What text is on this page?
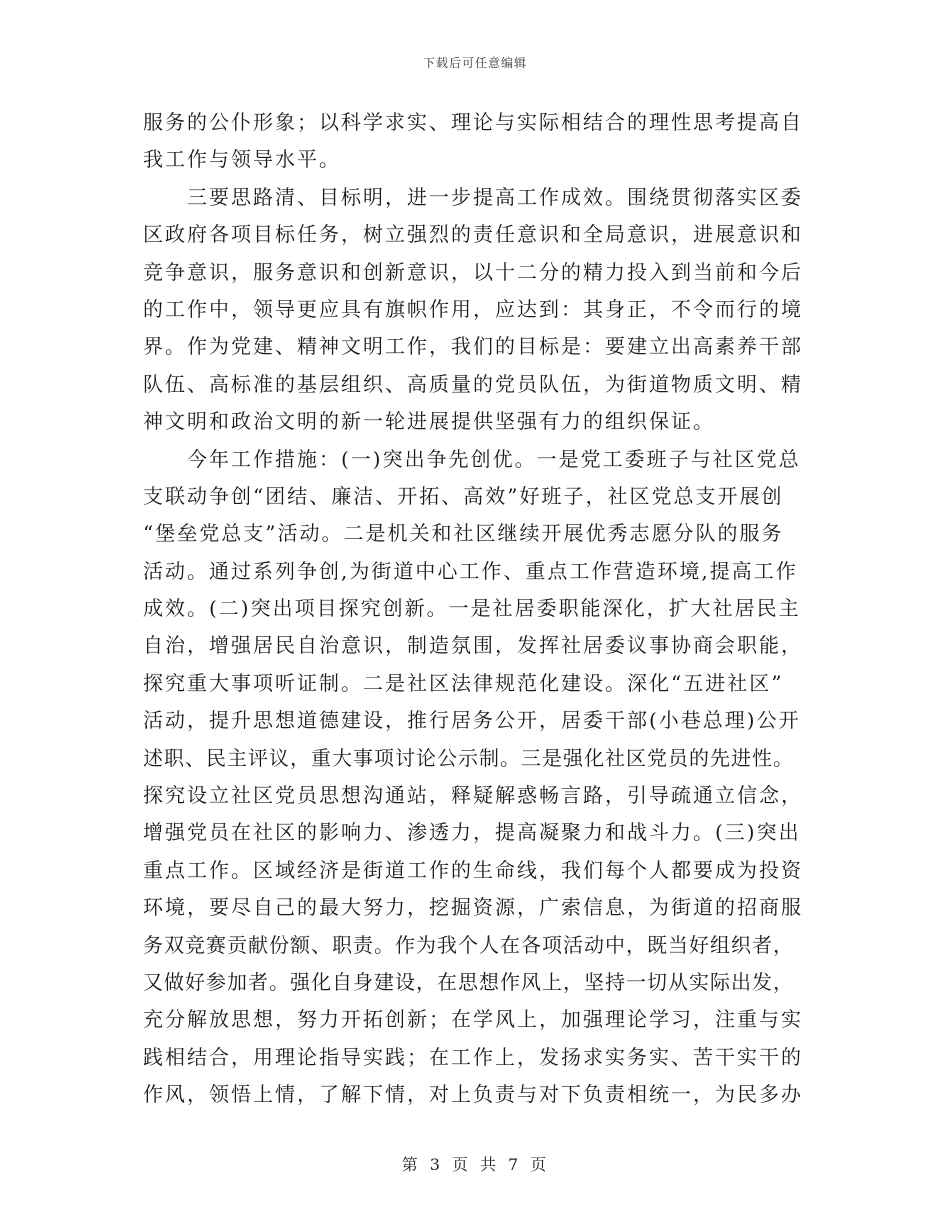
下载后可任意编辑
服务的公仆形象；以科学求实、理论与实际相结合的理性思考提高自
我工作与领导水平。
　　三要思路清、目标明，进一步提高工作成效。围绕贯彻落实区委
区政府各项目标任务，树立强烈的责任意识和全局意识，进展意识和
竞争意识，服务意识和创新意识，以十二分的精力投入到当前和今后
的工作中，领导更应具有旗帜作用，应达到：其身正，不令而行的境
界。作为党建、精神文明工作，我们的目标是：要建立出高素养干部
队伍、高标准的基层组织、高质量的党员队伍，为街道物质文明、精
神文明和政治文明的新一轮进展提供坚强有力的组织保证。
　　今年工作措施：(一)突出争先创优。一是党工委班子与社区党总
支联动争创“团结、廉洁、开拓、高效”好班子，社区党总支开展创
“堡垒党总支”活动。二是机关和社区继续开展优秀志愿分队的服务
活动。通过系列争创,为街道中心工作、重点工作营造环境,提高工作
成效。(二)突出项目探究创新。一是社居委职能深化，扩大社居民主
自治，增强居民自治意识，制造氛围，发挥社居委议事协商会职能，
探究重大事项听证制。二是社区法律规范化建设。深化“五进社区”
活动，提升思想道德建设，推行居务公开，居委干部(小巷总理)公开
述职、民主评议，重大事项讨论公示制。三是强化社区党员的先进性。
探究设立社区党员思想沟通站，释疑解惑畅言路，引导疏通立信念，
增强党员在社区的影响力、渗透力，提高凝聚力和战斗力。(三)突出
重点工作。区域经济是街道工作的生命线，我们每个人都要成为投资
环境，要尽自己的最大努力，挖掘资源，广索信息，为街道的招商服
务双竞赛贡献份额、职责。作为我个人在各项活动中，既当好组织者，
又做好参加者。强化自身建设，在思想作风上，坚持一切从实际出发，
充分解放思想，努力开拓创新；在学风上，加强理论学习，注重与实
践相结合，用理论指导实践；在工作上，发扬求实务实、苦干实干的
作风，领悟上情，了解下情，对上负责与对下负责相统一，为民多办
第 3 页 共 7 页
